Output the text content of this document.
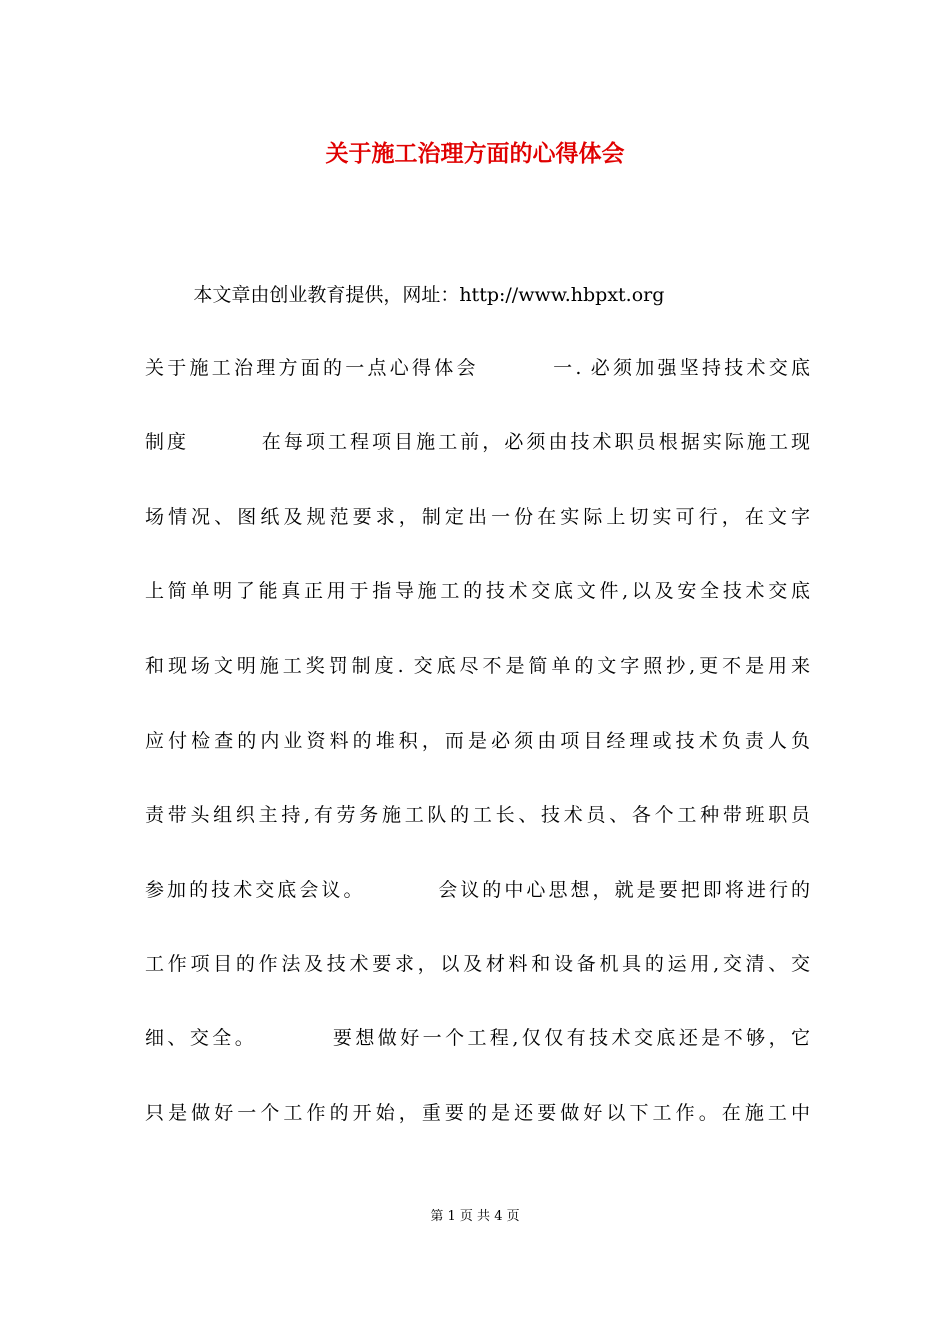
关于施工治理方面的心得体会
本文章由创业教育提供，网址：http://www.hbpxt.org
关于施工治理方面的一点心得体会        一. 必须加强坚持技术交底
制度        在每项工程项目施工前，必须由技术职员根据实际施工现
场情况、图纸及规范要求，制定出一份在实际上切实可行，在文字
上简单明了能真正用于指导施工的技术交底文件,以及安全技术交底
和现场文明施工奖罚制度. 交底尽不是简单的文字照抄,更不是用来
应付检查的内业资料的堆积，而是必须由项目经理或技术负责人负
责带头组织主持,有劳务施工队的工长、技术员、各个工种带班职员
参加的技术交底会议。        会议的中心思想，就是要把即将进行的
工作项目的作法及技术要求，以及材料和设备机具的运用,交清、交
细、交全。        要想做好一个工程,仅仅有技术交底还是不够，它
只是做好一个工作的开始，重要的是还要做好以下工作。在施工中
第 1 页 共 4 页
